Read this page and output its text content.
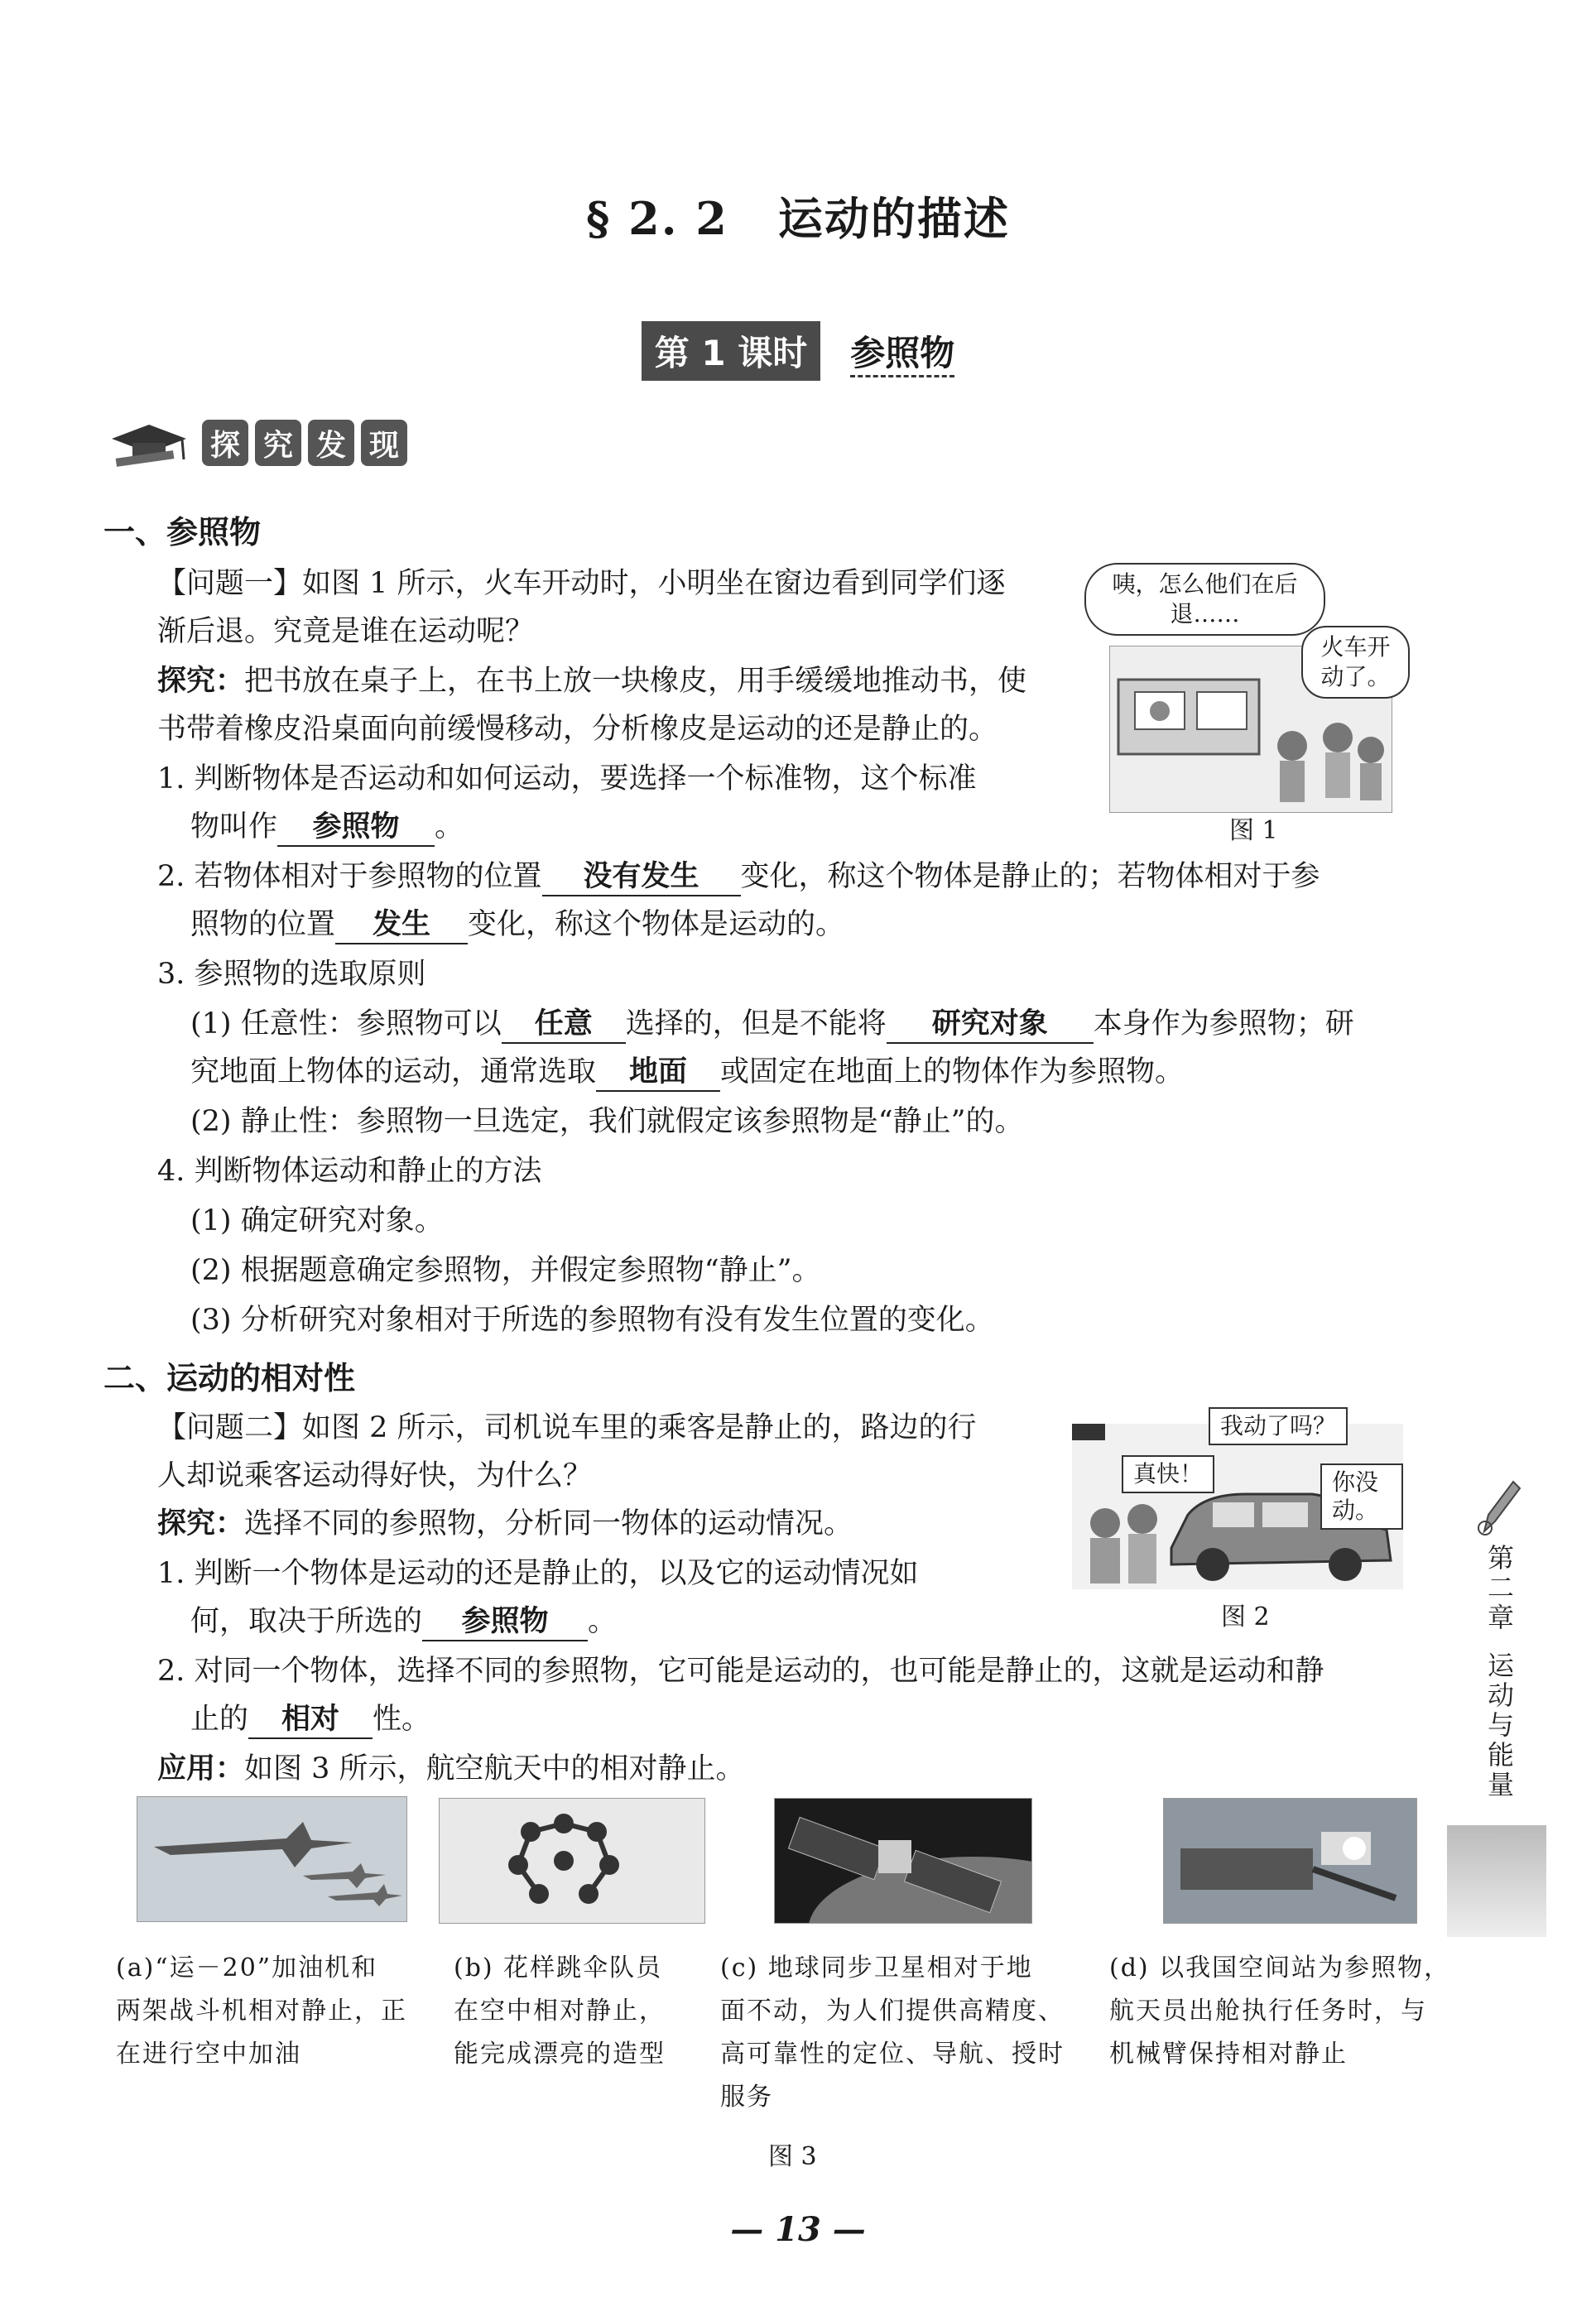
§ 2. 2 运动的描述
第 1 课时 参照物
探 究 发 现
一、参照物
【问题一】如图 1 所示，火车开动时，小明坐在窗边看到同学们逐
渐后退。究竟是谁在运动呢？
探究：把书放在桌子上，在书上放一块橡皮，用手缓缓地推动书，使
书带着橡皮沿桌面向前缓慢移动，分析橡皮是运动的还是静止的。
1. 判断物体是否运动和如何运动，要选择一个标准物，这个标准
物叫作 参照物 。
2. 若物体相对于参照物的位置 没有发生 变化，称这个物体是静止的；若物体相对于参
照物的位置 发生 变化，称这个物体是运动的。
3. 参照物的选取原则
(1) 任意性：参照物可以 任意 选择的，但是不能将 研究对象 本身作为参照物；研
究地面上物体的运动，通常选取 地面 或固定在地面上的物体作为参照物。
(2) 静止性：参照物一旦选定，我们就假定该参照物是“静止”的。
4. 判断物体运动和静止的方法
(1) 确定研究对象。
(2) 根据题意确定参照物，并假定参照物“静止”。
(3) 分析研究对象相对于所选的参照物有没有发生位置的变化。
咦，怎么他们在后退……
火车开动了。
图 1
二、运动的相对性
【问题二】如图 2 所示，司机说车里的乘客是静止的，路边的行
人却说乘客运动得好快，为什么？
探究：选择不同的参照物，分析同一物体的运动情况。
1. 判断一个物体是运动的还是静止的，以及它的运动情况如
何，取决于所选的 参照物 。
2. 对同一个物体，选择不同的参照物，它可能是运动的，也可能是静止的，这就是运动和静
止的 相对 性。
应用：如图 3 所示，航空航天中的相对静止。
我动了吗？
真快！	你没动。
图 2
(a)“运－20”加油机和
两架战斗机相对静止，正
在进行空中加油
(b) 花样跳伞队员
在空中相对静止，
能完成漂亮的造型
(c) 地球同步卫星相对于地
面不动，为人们提供高精度、
高可靠性的定位、导航、授时
服务
(d) 以我国空间站为参照物，
航天员出舱执行任务时，与
机械臂保持相对静止
图 3
第二章
运动与能量
— 13 —
